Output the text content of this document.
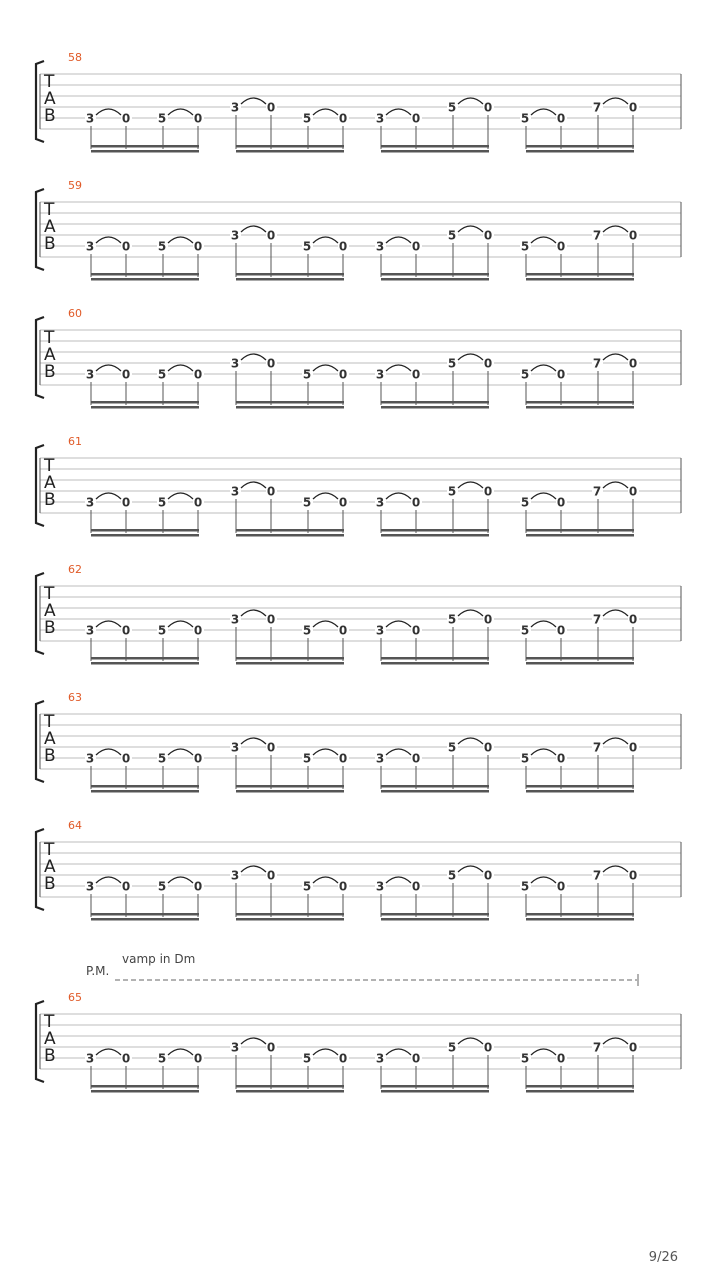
58
T
A
B	3 0 5 0
3 0
5 0 3 0
5 0
5 0
7 0
59
T
A
B	3 0 5 0
3 0
5 0 3 0
5 0
5 0
7 0
60
T
A
B	3 0 5 0
3 0
5 0 3 0
5 0
5 0
7 0
61
T
A
B	3 0 5 0
3 0
5 0 3 0
5 0
5 0
7 0
62
T
A
B	3 0 5 0
3 0
5 0 3 0
5 0
5 0
7 0
63
T
A
B	3 0 5 0
3 0
5 0 3 0
5 0
5 0
7 0
64
T
A
B	3 0 5 0
3 0
5 0 3 0
5 0
5 0
7 0
65
T
A
B	3 0 5 0
3 0
5 0 3 0
5 0
5 0
7 0
P.M.
vamp in Dm
9/26
